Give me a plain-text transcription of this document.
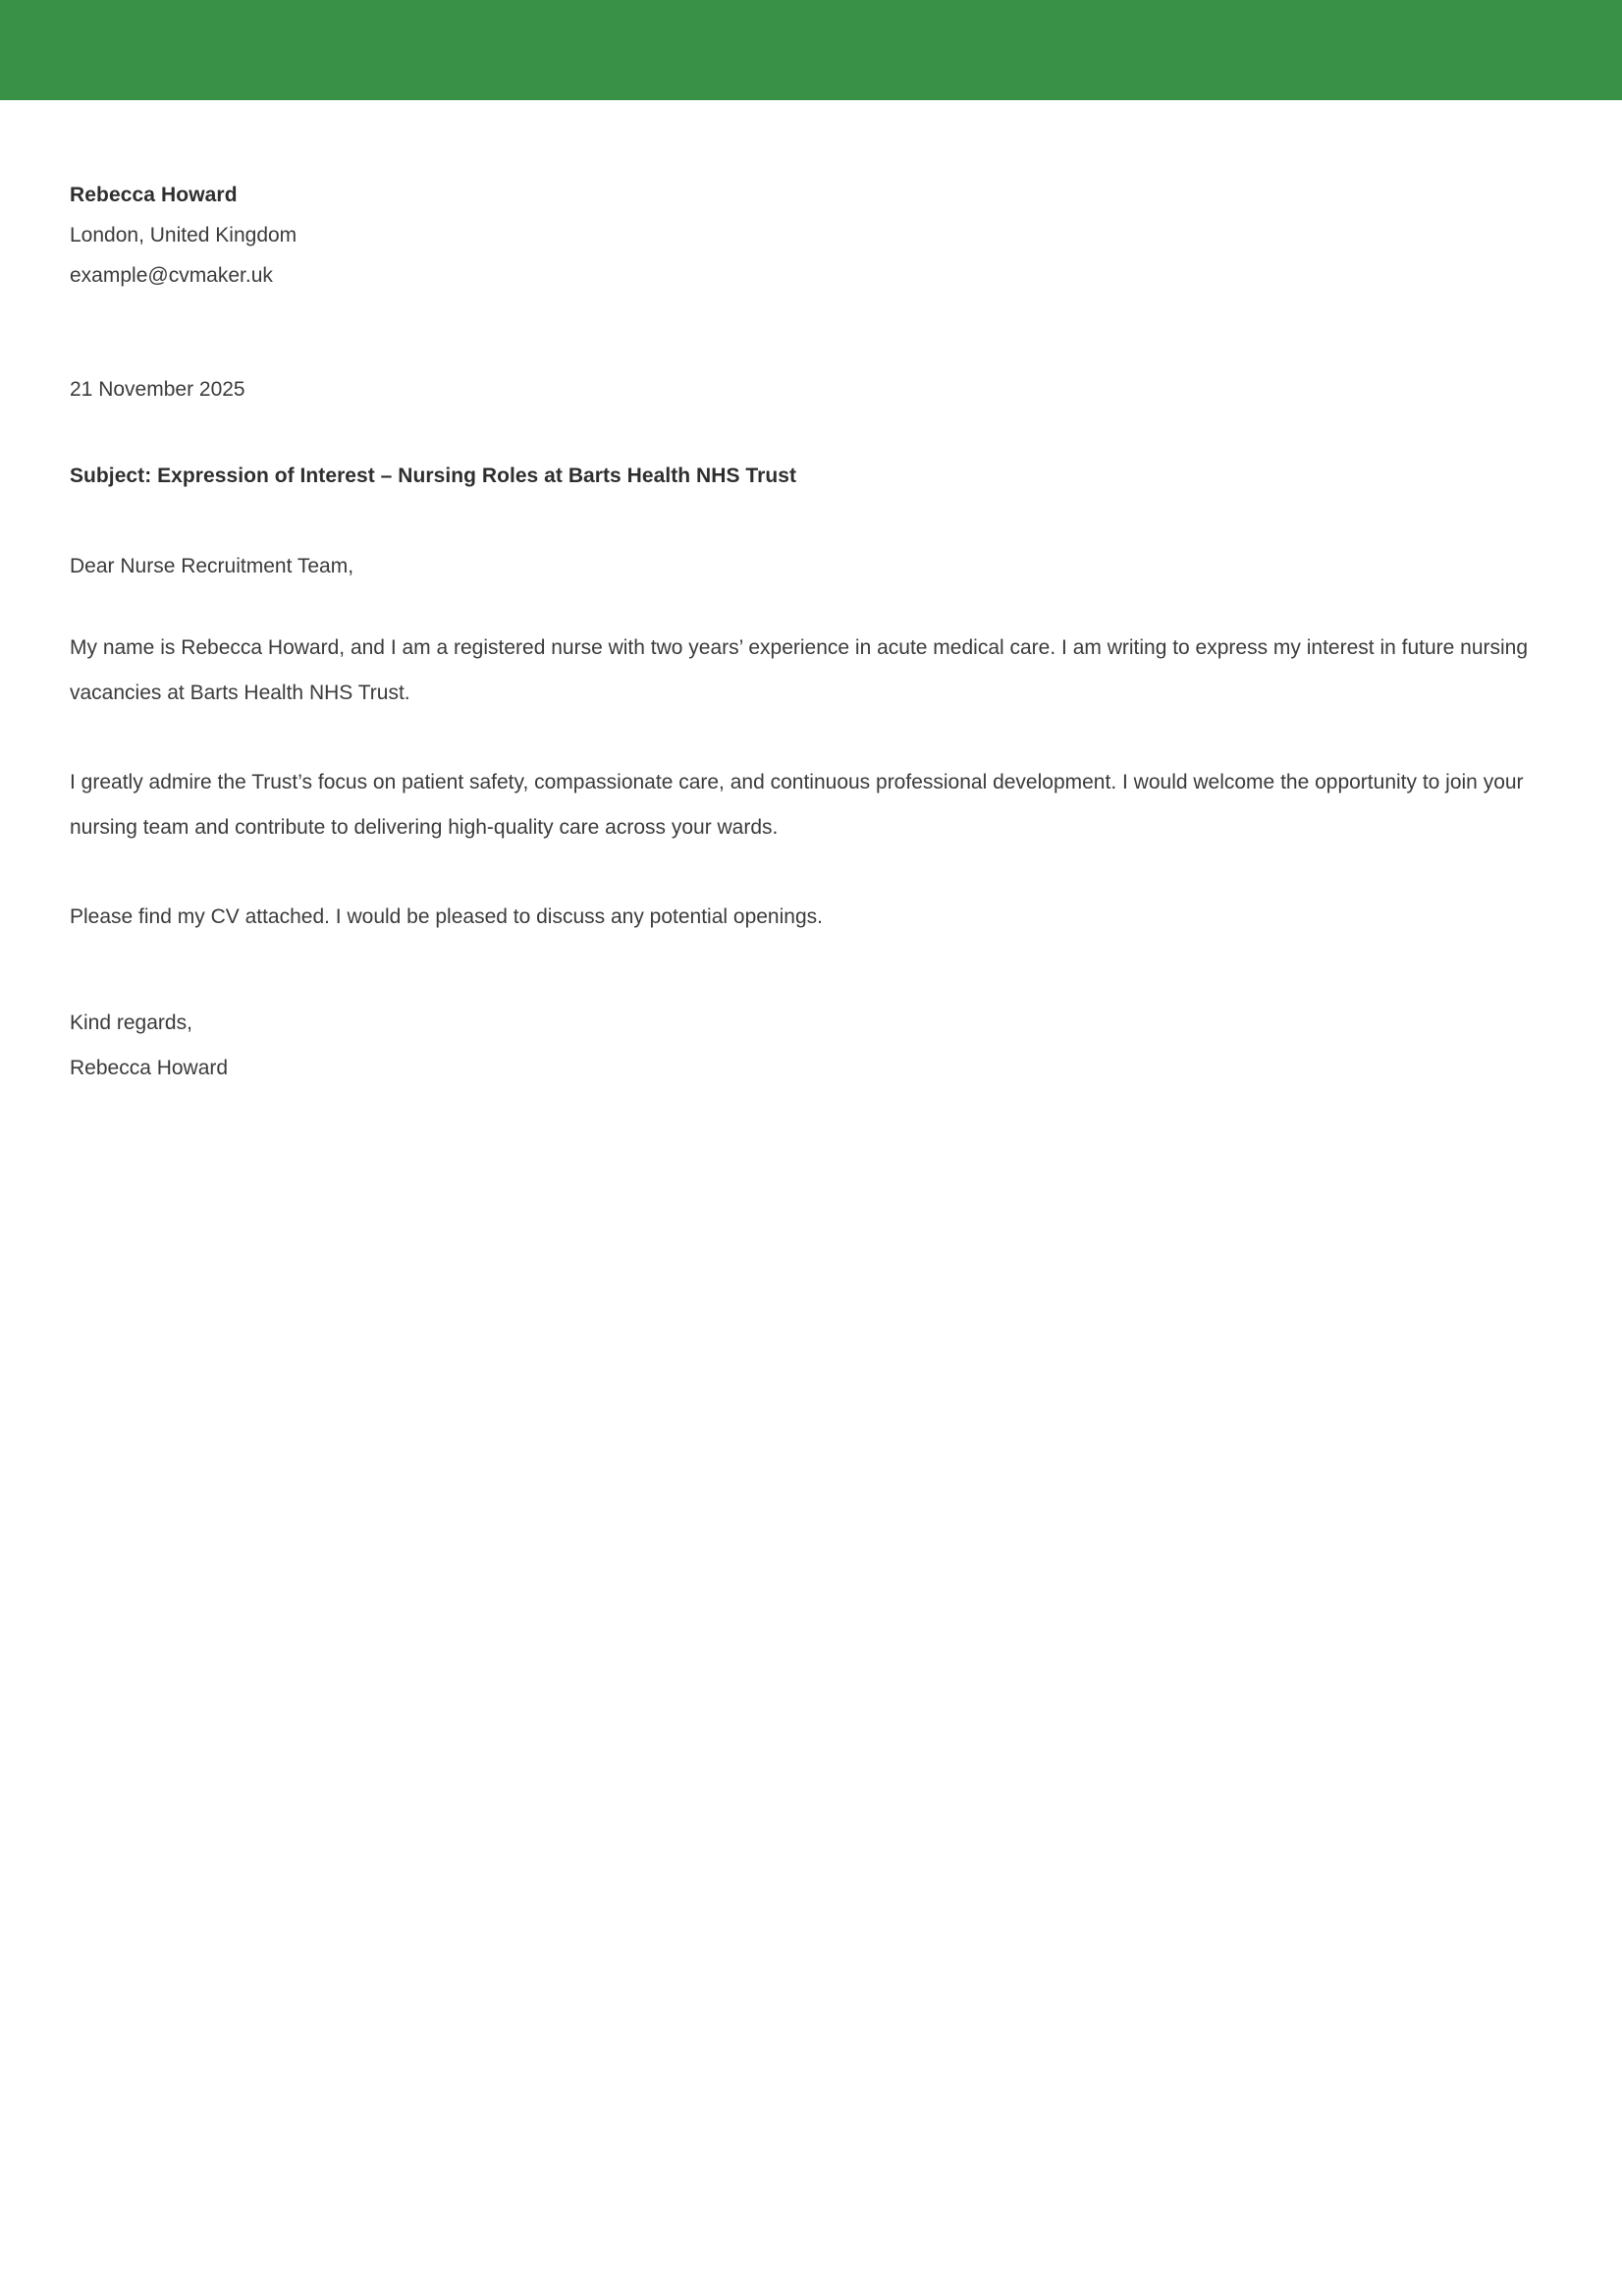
Rebecca Howard
London, United Kingdom
example@cvmaker.uk
21 November 2025
Subject: Expression of Interest – Nursing Roles at Barts Health NHS Trust
Dear Nurse Recruitment Team,

My name is Rebecca Howard, and I am a registered nurse with two years’ experience in acute medical care. I am writing to express my interest in future nursing vacancies at Barts Health NHS Trust.

I greatly admire the Trust’s focus on patient safety, compassionate care, and continuous professional development. I would welcome the opportunity to join your nursing team and contribute to delivering high-quality care across your wards.

Please find my CV attached. I would be pleased to discuss any potential openings.

Kind regards,
Rebecca Howard
